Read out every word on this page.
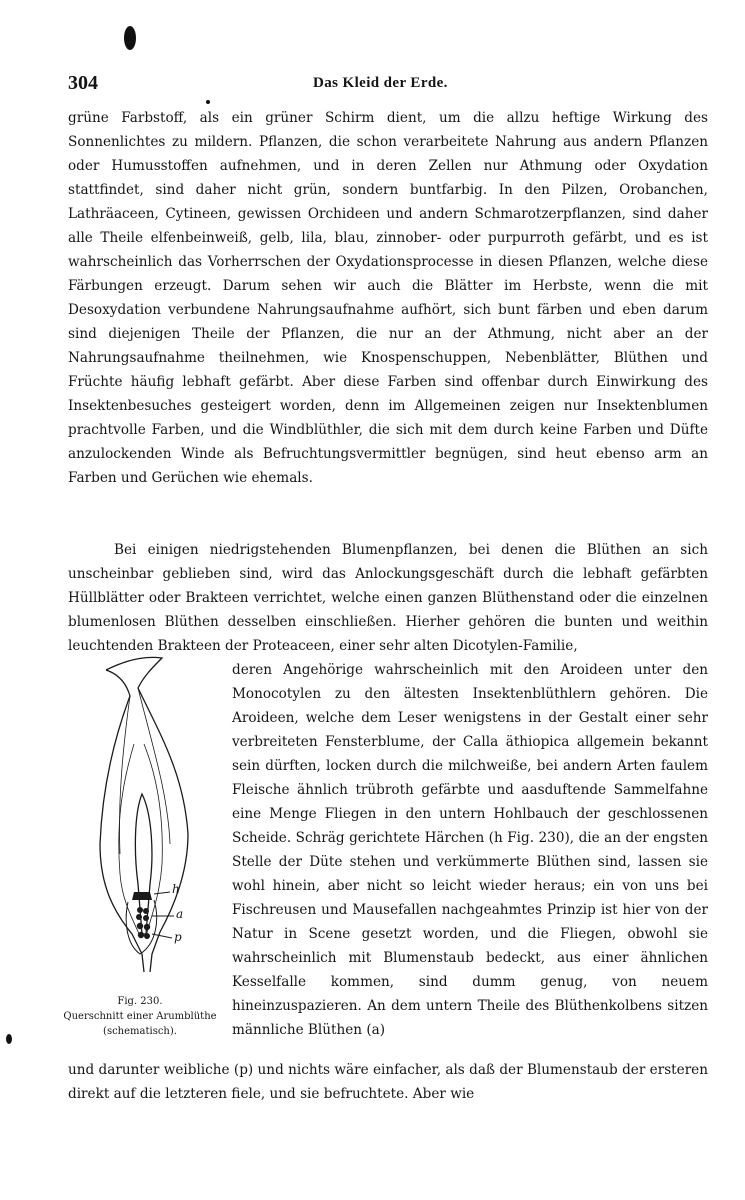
304	Das Kleid der Erde.

grüne Farbstoff, als ein grüner Schirm dient, um die allzu heftige Wirkung des Sonnenlichtes zu mildern. Pflanzen, die schon verarbeitete Nahrung aus andern Pflanzen oder Humusstoffen aufnehmen, und in deren Zellen nur Athmung oder Oxydation stattfindet, sind daher nicht grün, sondern buntfarbig. In den Pilzen, Orobanchen, Lathräaceen, Cytineen, gewissen Orchideen und andern Schmarotzerpflanzen, sind daher alle Theile elfenbeinweiß, gelb, lila, blau, zinnober- oder purpurroth gefärbt, und es ist wahrscheinlich das Vorherrschen der Oxydationsprocesse in diesen Pflanzen, welche diese Färbungen erzeugt. Darum sehen wir auch die Blätter im Herbste, wenn die mit Desoxydation verbundene Nahrungsaufnahme aufhört, sich bunt färben und eben darum sind diejenigen Theile der Pflanzen, die nur an der Athmung, nicht aber an der Nahrungsaufnahme theilnehmen, wie Knospenschuppen, Nebenblätter, Blüthen und Früchte häufig lebhaft gefärbt. Aber diese Farben sind offenbar durch Einwirkung des Insektenbesuches gesteigert worden, denn im Allgemeinen zeigen nur Insektenblumen prachtvolle Farben, und die Windblüthler, die sich mit dem durch keine Farben und Düfte anzulockenden Winde als Befruchtungsvermittler begnügen, sind heut ebenso arm an Farben und Gerüchen wie ehemals.

Bei einigen niedrigstehenden Blumenpflanzen, bei denen die Blüthen an sich unscheinbar geblieben sind, wird das Anlockungsgeschäft durch die lebhaft gefärbten Hüllblätter oder Brakteen verrichtet, welche einen ganzen Blüthenstand oder die einzelnen blumenlosen Blüthen desselben einschließen. Hierher gehören die bunten und weithin leuchtenden Brakteen der Proteaceen, einer sehr alten Dicotylen-Familie,

h
a
p
Fig. 230.
Querschnitt einer Arumblüthe (schematisch).

deren Angehörige wahrscheinlich mit den Aroideen unter den Monocotylen zu den ältesten Insektenblüthlern gehören. Die Aroideen, welche dem Leser wenigstens in der Gestalt einer sehr verbreiteten Fensterblume, der Calla äthiopica allgemein bekannt sein dürften, locken durch die milchweiße, bei andern Arten faulem Fleische ähnlich trübroth gefärbte und aasduftende Sammelfahne eine Menge Fliegen in den untern Hohlbauch der geschlossenen Scheide. Schräg gerichtete Härchen (h Fig. 230), die an der engsten Stelle der Düte stehen und verkümmerte Blüthen sind, lassen sie wohl hinein, aber nicht so leicht wieder heraus; ein von uns bei Fischreusen und Mausefallen nachgeahmtes Prinzip ist hier von der Natur in Scene gesetzt worden, und die Fliegen, obwohl sie wahrscheinlich mit Blumenstaub bedeckt, aus einer ähnlichen Kesselfalle kommen, sind dumm genug, von neuem hineinzuspazieren. An dem untern Theile des Blüthenkolbens sitzen männliche Blüthen (a)

und darunter weibliche (p) und nichts wäre einfacher, als daß der Blumenstaub der ersteren direkt auf die letzteren fiele, und sie befruchtete. Aber wie
